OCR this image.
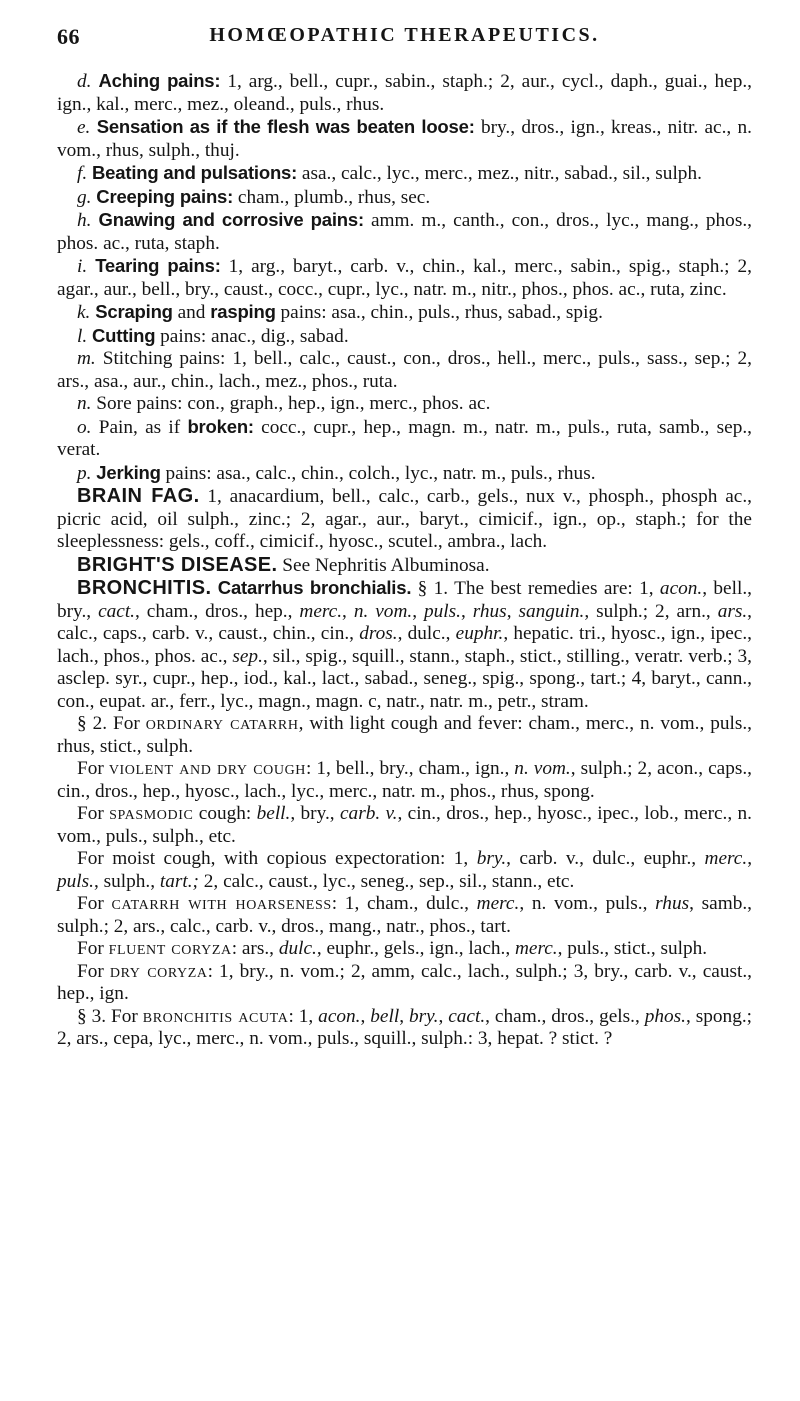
66	HOMŒOPATHIC THERAPEUTICS.

d. Aching pains: 1, arg., bell., cupr., sabin., staph.; 2, aur., cycl., daph., guai., hep., ign., kal., merc., mez., oleand., puls., rhus.

e. Sensation as if the flesh was beaten loose: bry., dros., ign., kreas., nitr. ac., n. vom., rhus, sulph., thuj.

f. Beating and pulsations: asa., calc., lyc., merc., mez., nitr., sabad., sil., sulph.

g. Creeping pains: cham., plumb., rhus, sec.

h. Gnawing and corrosive pains: amm. m., canth., con., dros., lyc., mang., phos., phos. ac., ruta, staph.

i. Tearing pains: 1, arg., baryt., carb. v., chin., kal., merc., sabin., spig., staph.; 2, agar., aur., bell., bry., caust., cocc., cupr., lyc., natr. m., nitr., phos., phos. ac., ruta, zinc.

k. Scraping and rasping pains: asa., chin., puls., rhus, sabad., spig.

l. Cutting pains: anac., dig., sabad.

m. Stitching pains: 1, bell., calc., caust., con., dros., hell., merc., puls., sass., sep.; 2, ars., asa., aur., chin., lach., mez., phos., ruta.

n. Sore pains: con., graph., hep., ign., merc., phos. ac.

o. Pain, as if broken: cocc., cupr., hep., magn. m., natr. m., puls., ruta, samb., sep., verat.

p. Jerking pains: asa., calc., chin., colch., lyc., natr. m., puls., rhus.

BRAIN FAG. 1, anacardium, bell., calc., carb., gels., nux v., phosph., phosph ac., picric acid, oil sulph., zinc.; 2, agar., aur., baryt., cimicif., ign., op., staph.; for the sleeplessness: gels., coff., cimicif., hyosc., scutel., ambra., lach.

BRIGHT'S DISEASE. See Nephritis Albuminosa.

BRONCHITIS. Catarrhus bronchialis. § 1. The best remedies are: 1, acon., bell., bry., cact., cham., dros., hep., merc., n. vom., puls., rhus, sanguin., sulph.; 2, arn., ars., calc., caps., carb. v., caust., chin., cin., dros., dulc., euphr., hepatic. tri., hyosc., ign., ipec., lach., phos., phos. ac., sep., sil., spig., squill., stann., staph., stict., stilling., veratr. verb.; 3, asclep. syr., cupr., hep., iod., kal., lact., sabad., seneg., spig., spong., tart.; 4, baryt., cann., con., eupat. ar., ferr., lyc., magn., magn. c, natr., natr. m., petr., stram.

§ 2. For ordinary catarrh, with light cough and fever: cham., merc., n. vom., puls., rhus, stict., sulph.

For violent and dry cough: 1, bell., bry., cham., ign., n. vom., sulph.; 2, acon., caps., cin., dros., hep., hyosc., lach., lyc., merc., natr. m., phos., rhus, spong.

For spasmodic cough: bell., bry., carb. v., cin., dros., hep., hyosc., ipec., lob., merc., n. vom., puls., sulph., etc.

For moist cough, with copious expectoration: 1, bry., carb. v., dulc., euphr., merc., puls., sulph., tart.; 2, calc., caust., lyc., seneg., sep., sil., stann., etc.

For catarrh with hoarseness: 1, cham., dulc., merc., n. vom., puls., rhus, samb., sulph.; 2, ars., calc., carb. v., dros., mang., natr., phos., tart.

For fluent coryza: ars., dulc., euphr., gels., ign., lach., merc., puls., stict., sulph.

For dry coryza: 1, bry., n. vom.; 2, amm, calc., lach., sulph.; 3, bry., carb. v., caust., hep., ign.

§ 3. For bronchitis acuta: 1, acon., bell, bry., cact., cham., dros., gels., phos., spong.; 2, ars., cepa, lyc., merc., n. vom., puls., squill., sulph.: 3, hepat. ? stict. ?
